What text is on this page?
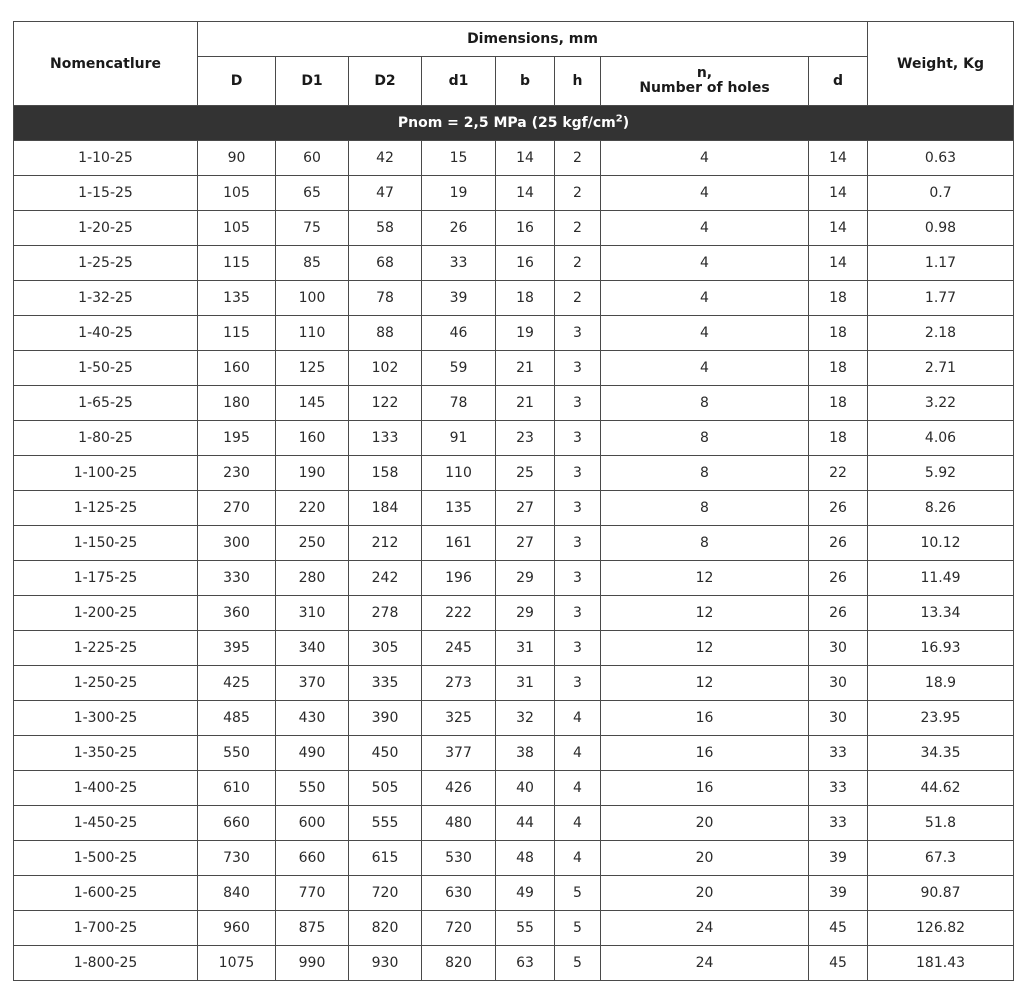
Nomencatlure	Dimensions, mm								Weight, Kg
	D	D1	D2	d1	b	h	n,
Number of holes	d	
Pnom = 2,5 MPa (25 kgf/$cm^2$)									
1-10-25	90	60	42	15	14	2	4	14	0.63
1-15-25	105	65	47	19	14	2	4	14	0.7
1-20-25	105	75	58	26	16	2	4	14	0.98
1-25-25	115	85	68	33	16	2	4	14	1.17
1-32-25	135	100	78	39	18	2	4	18	1.77
1-40-25	115	110	88	46	19	3	4	18	2.18
1-50-25	160	125	102	59	21	3	4	18	2.71
1-65-25	180	145	122	78	21	3	8	18	3.22
1-80-25	195	160	133	91	23	3	8	18	4.06
1-100-25	230	190	158	110	25	3	8	22	5.92
1-125-25	270	220	184	135	27	3	8	26	8.26
1-150-25	300	250	212	161	27	3	8	26	10.12
1-175-25	330	280	242	196	29	3	12	26	11.49
1-200-25	360	310	278	222	29	3	12	26	13.34
1-225-25	395	340	305	245	31	3	12	30	16.93
1-250-25	425	370	335	273	31	3	12	30	18.9
1-300-25	485	430	390	325	32	4	16	30	23.95
1-350-25	550	490	450	377	38	4	16	33	34.35
1-400-25	610	550	505	426	40	4	16	33	44.62
1-450-25	660	600	555	480	44	4	20	33	51.8
1-500-25	730	660	615	530	48	4	20	39	67.3
1-600-25	840	770	720	630	49	5	20	39	90.87
1-700-25	960	875	820	720	55	5	24	45	126.82
1-800-25	1075	990	930	820	63	5	24	45	181.43
